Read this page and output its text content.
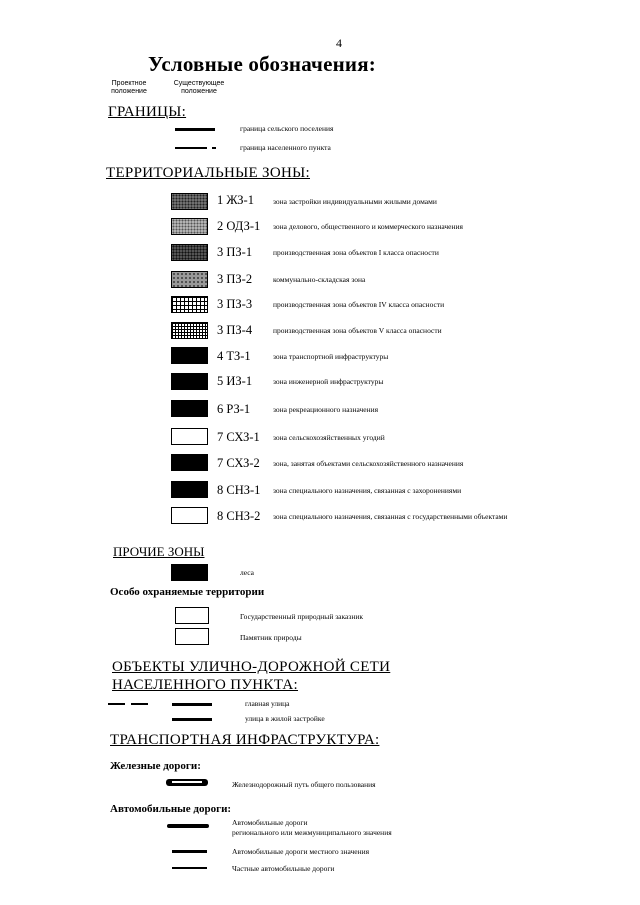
4
Условные обозначения:
Проектное
положение
Существующее
положение
ГРАНИЦЫ:
граница сельского поселения
граница населенного пункта
ТЕРРИТОРИАЛЬНЫЕ ЗОНЫ:
1 ЖЗ-1	зона застройки индивидуальными жилыми домами
2 ОДЗ-1 зона делового, общественного и коммерческого назначения
3 ПЗ-1	производственная зона объектов I класса опасности
3 ПЗ-2	коммунально-складская зона
3 ПЗ-3	производственная зона объектов IV класса опасности
3 ПЗ-4	производственная зона объектов V класса опасности
4 ТЗ-1	зона транспортной инфраструктуры
5 ИЗ-1	зона инженерной инфраструктуры
6 РЗ-1	зона рекреационного назначения
7 СХЗ-1 зона сельскохозяйственных угодий
7 СХЗ-2 зона, занятая объектами сельскохозяйственного назначения
8 СНЗ-1 зона специального назначения, связанная с захоронениями
8 СНЗ-2 зона специального назначения, связанная с государственными объектами
ПРОЧИЕ ЗОНЫ
леса
Особо охраняемые территории
Государственный природный заказник
Памятник природы
ОБЪЕКТЫ УЛИЧНО-ДОРОЖНОЙ СЕТИ
НАСЕЛЕННОГО ПУНКТА:
главная улица
улица в жилой застройке
ТРАНСПОРТНАЯ ИНФРАСТРУКТУРА:
Железные дороги:
Железнодорожный путь общего пользования
Автомобильные дороги:
Автомобильные дороги
регионального или межмуниципального значения
Автомобильные дороги местного значения
Частные автомобильные дороги
